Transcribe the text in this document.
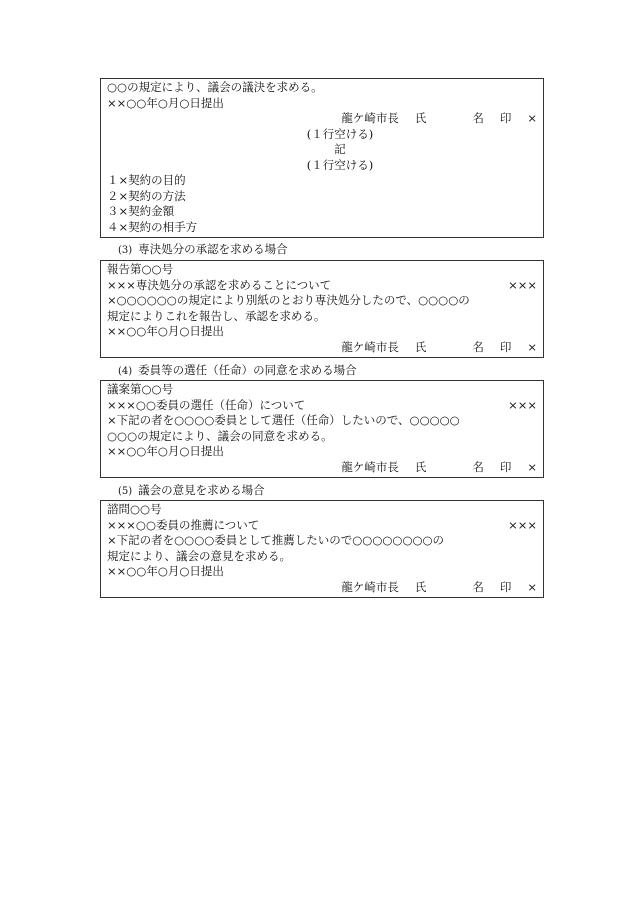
○○の規定により、議会の議決を求める。
××○○年○月○日提出
龍ケ崎市長 氏	名 印 ×
(１行空ける)
記
(１行空ける)
１×契約の目的
２×契約の方法
３×契約金額
４×契約の相手方
(3) 専決処分の承認を求める場合
報告第○○号
×××専決処分の承認を求めることについて	×××
×○○○○○○の規定により別紙のとおり専決処分したので、○○○○の
規定によりこれを報告し、承認を求める。
××○○年○月○日提出
龍ケ崎市長 氏	名 印 ×
(4) 委員等の選任（任命）の同意を求める場合
議案第○○号
×××○○委員の選任（任命）について	×××
×下記の者を○○○○委員として選任（任命）したいので、○○○○○
○○○の規定により、議会の同意を求める。
××○○年○月○日提出
龍ケ崎市長 氏	名 印 ×
(5) 議会の意見を求める場合
諮問○○号
×××○○委員の推薦について	×××
×下記の者を○○○○委員として推薦したいので○○○○○○○○の
規定により、議会の意見を求める。
××○○年○月○日提出
龍ケ崎市長 氏	名 印 ×
